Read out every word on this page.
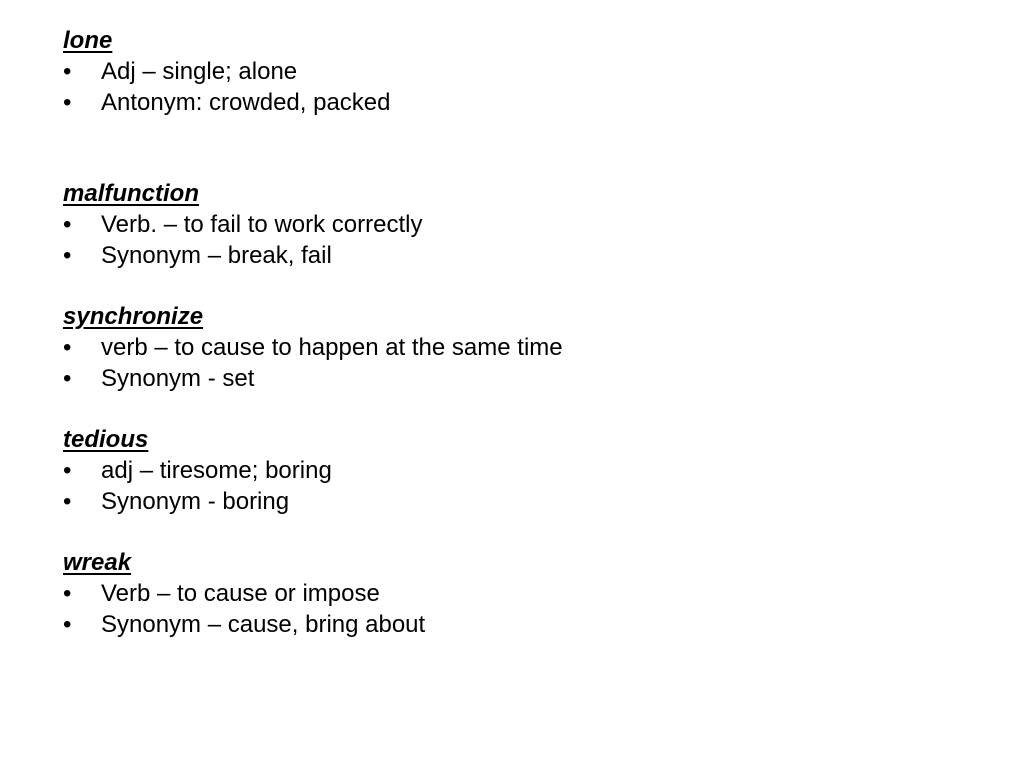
lone
•	Adj – single; alone
•	Antonym: crowded, packed
malfunction
•	Verb. – to fail to work correctly
•	Synonym – break, fail
synchronize
•	verb – to cause to happen at the same time
•	Synonym - set
tedious
•	adj – tiresome; boring
•	Synonym - boring
wreak
•	Verb – to cause or impose
•	Synonym – cause, bring about
